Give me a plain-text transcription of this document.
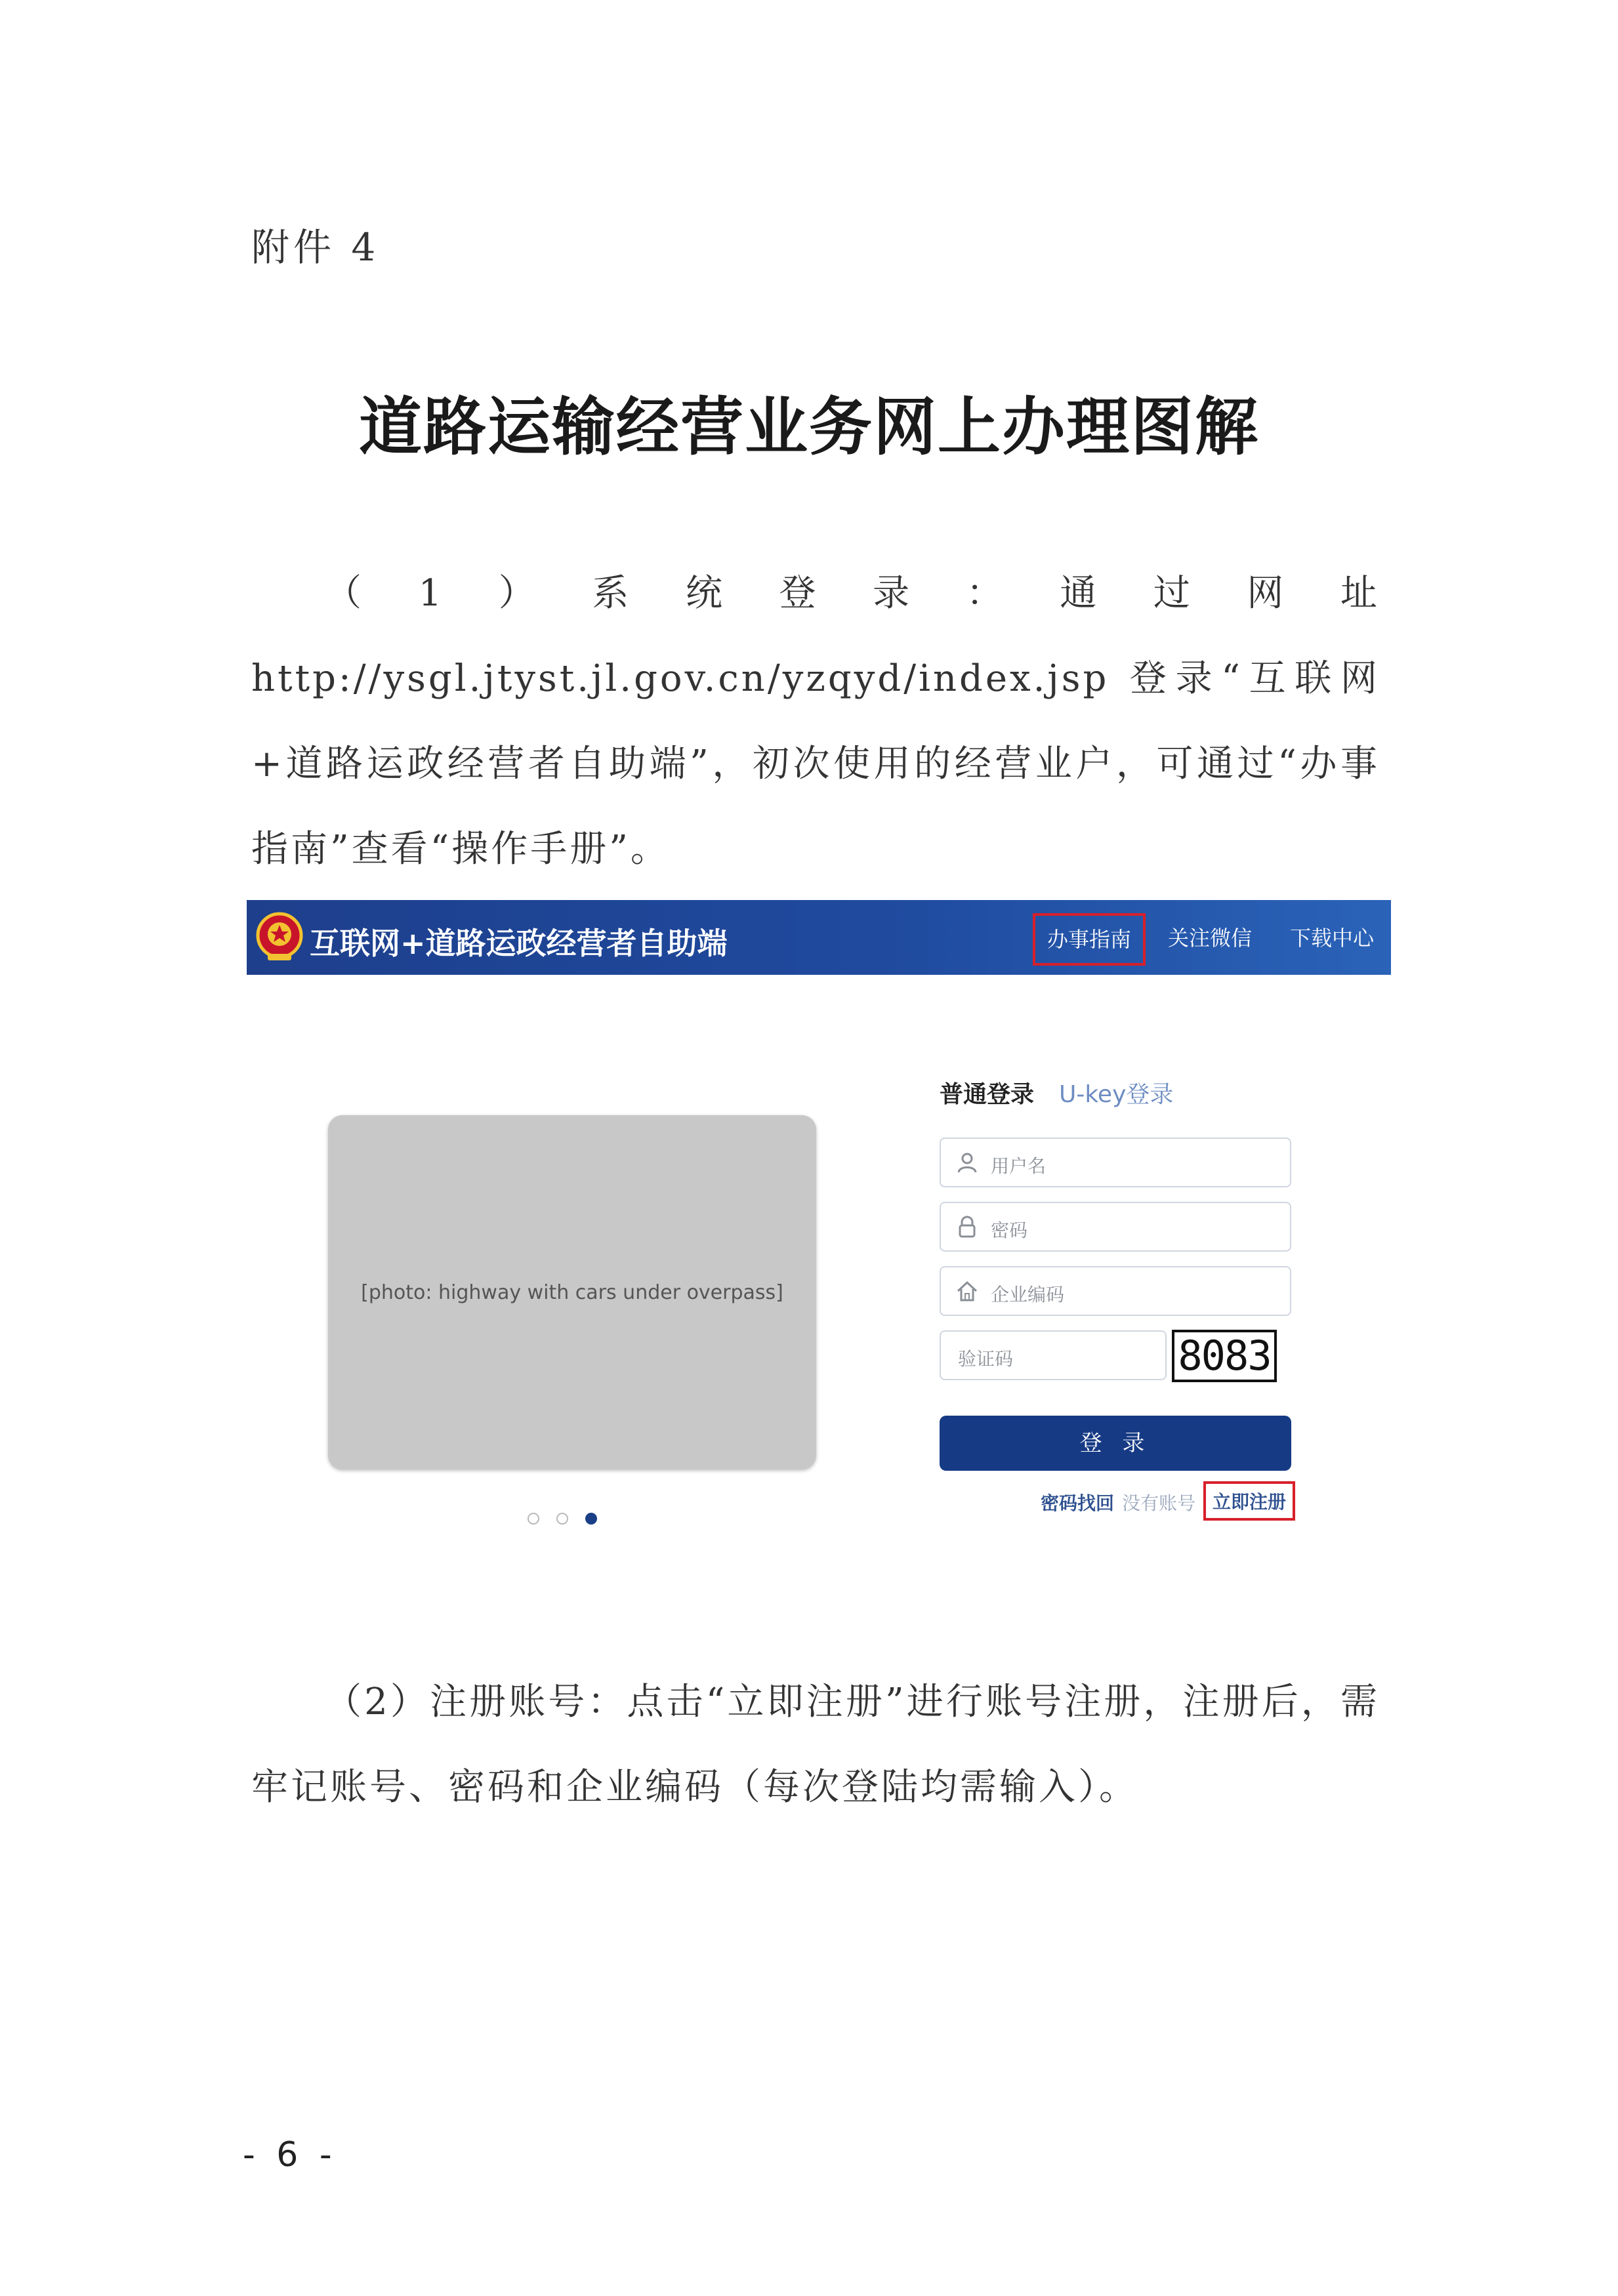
附件 4
道路运输经营业务网上办理图解
（1）系统登录：通过网址 http://ysgl.jtyst.jl.gov.cn/yzqyd/index.jsp 登录“互联网+道路运政经营者自助端”，初次使用的经营业户，可通过“办事指南”查看“操作手册”。
互联网+道路运政经营者自助端	办事指南	关注微信 下载中心
[photo: highway with cars under overpass]
普通登录 U-key登录
用户名
密码
企业编码
验证码	8083
登 录
密码找回 没有账号 立即注册
（2）注册账号：点击“立即注册”进行账号注册，注册后，需牢记账号、密码和企业编码（每次登陆均需输入）。
- 6 -
